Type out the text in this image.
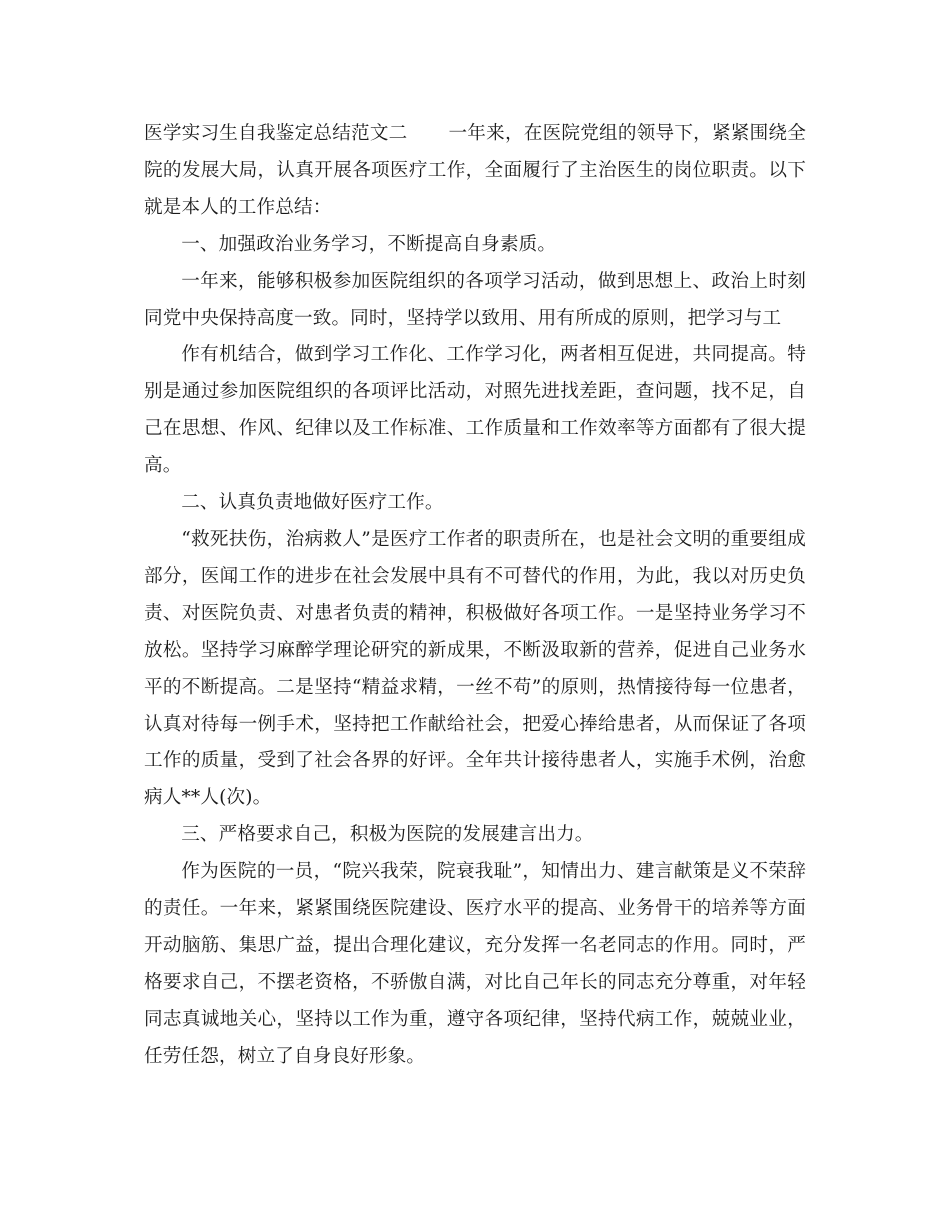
医学实习生自我鉴定总结范文二 一年来，在医院党组的领导下，紧紧围绕全院的发展大局，认真开展各项医疗工作，全面履行了主治医生的岗位职责。以下就是本人的工作总结：

一、加强政治业务学习，不断提高自身素质。

一年来，能够积极参加医院组织的各项学习活动，做到思想上、政治上时刻同党中央保持高度一致。同时，坚持学以致用、用有所成的原则，把学习与工

作有机结合，做到学习工作化、工作学习化，两者相互促进，共同提高。特别是通过参加医院组织的各项评比活动，对照先进找差距，查问题，找不足，自己在思想、作风、纪律以及工作标准、工作质量和工作效率等方面都有了很大提高。

二、认真负责地做好医疗工作。

“救死扶伤，治病救人”是医疗工作者的职责所在，也是社会文明的重要组成部分，医闻工作的进步在社会发展中具有不可替代的作用，为此，我以对历史负责、对医院负责、对患者负责的精神，积极做好各项工作。一是坚持业务学习不放松。坚持学习麻醉学理论研究的新成果，不断汲取新的营养，促进自己业务水平的不断提高。二是坚持“精益求精，一丝不苟”的原则，热情接待每一位患者，认真对待每一例手术，坚持把工作献给社会，把爱心捧给患者，从而保证了各项工作的质量，受到了社会各界的好评。全年共计接待患者人，实施手术例，治愈病人**人(次)。

三、严格要求自己，积极为医院的发展建言出力。

作为医院的一员，“院兴我荣，院衰我耻”，知情出力、建言献策是义不荣辞的责任。一年来，紧紧围绕医院建设、医疗水平的提高、业务骨干的培养等方面开动脑筋、集思广益，提出合理化建议，充分发挥一名老同志的作用。同时，严格要求自己，不摆老资格，不骄傲自满，对比自己年长的同志充分尊重，对年轻同志真诚地关心，坚持以工作为重，遵守各项纪律，坚持代病工作，兢兢业业，任劳任怨，树立了自身良好形象。
